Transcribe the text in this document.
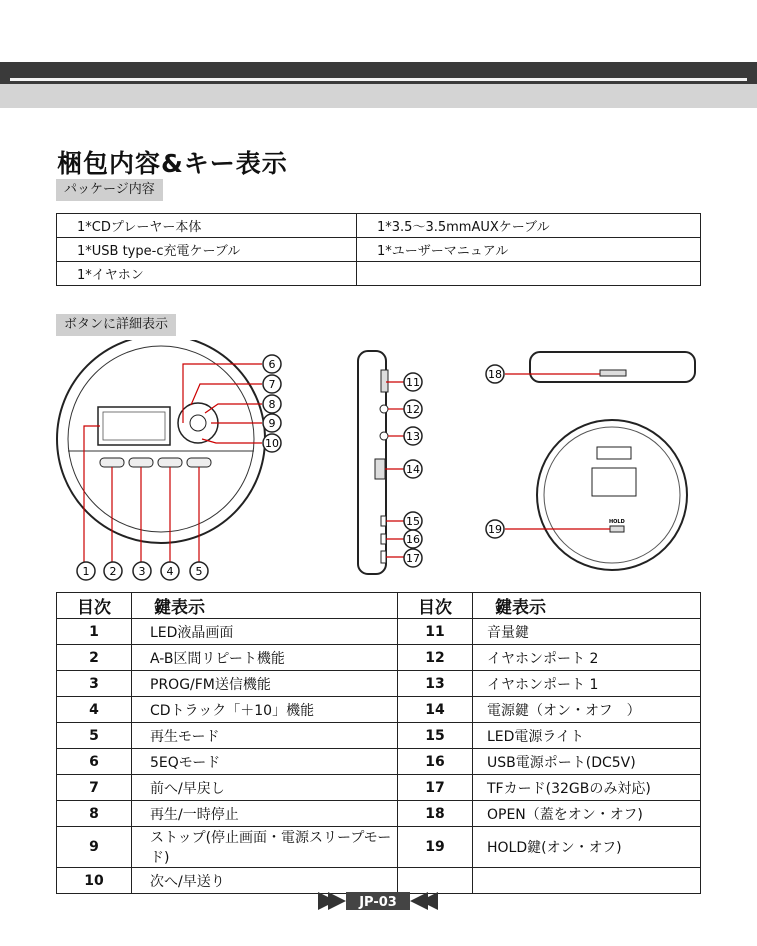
梱包内容&キー表示
パッケージ内容
1*CDプレーヤー本体	1*3.5〜3.5mmAUXケーブル
1*USB type-c充電ケーブル	1*ユーザーマニュアル
1*イヤホン	
ボタンに詳細表示
HOLD
6
7
8
9
10
1 2 3 4 5
11
12
13
14
15
16
17
18
19
目次	鍵表示	目次	鍵表示
1	LED液晶画面	11	音量鍵
2	A-B区間リピート機能	12	イヤホンポート 2
3	PROG/FM送信機能	13	イヤホンポート 1
4	CDトラック「＋10」機能	14	電源鍵（オン・オフ　）
5	再生モード	15	LED電源ライト
6	5EQモード	16	USB電源ポート(DC5V)
7	前へ/早戻し	17	TFカード(32GBのみ対応)
8	再生/一時停止	18	OPEN（蓋をオン・オフ)
9	ストップ(停止画面・電源スリープモード)	19	HOLD鍵(オン・オフ)
10	次へ/早送り		
JP-03
